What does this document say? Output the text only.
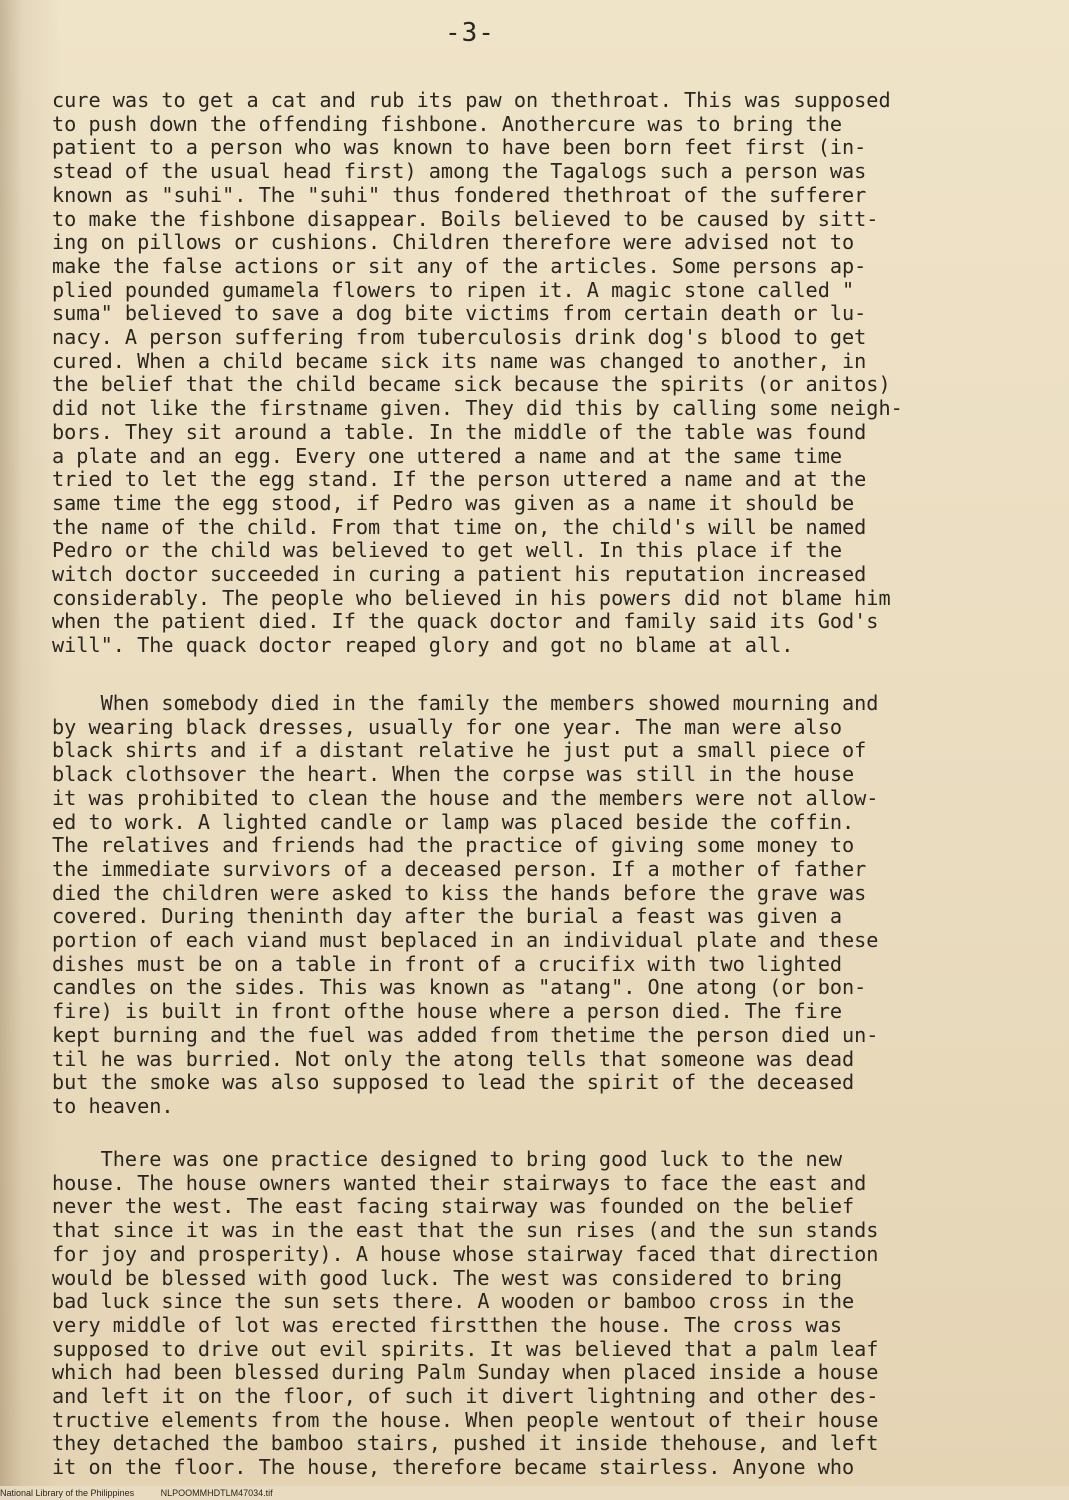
-3-
cure was to get a cat and rub its paw on thethroat. This was supposed
to push down the offending fishbone. Anothercure was to bring the
patient to a person who was known to have been born feet first (in-
stead of the usual head first) among the Tagalogs such a person was
known as "suhi". The "suhi" thus fondered thethroat of the sufferer
to make the fishbone disappear. Boils believed to be caused by sitt-
ing on pillows or cushions. Children therefore were advised not to
make the false actions or sit any of the articles. Some persons ap-
plied pounded gumamela flowers to ripen it. A magic stone called "
suma" believed to save a dog bite victims from certain death or lu-
nacy. A person suffering from tuberculosis drink dog's blood to get
cured. When a child became sick its name was changed to another, in
the belief that the child became sick because the spirits (or anitos)
did not like the firstname given. They did this by calling some neigh-
bors. They sit around a table. In the middle of the table was found
a plate and an egg. Every one uttered a name and at the same time
tried to let the egg stand. If the person uttered a name and at the
same time the egg stood, if Pedro was given as a name it should be
the name of the child. From that time on, the child's will be named
Pedro or the child was believed to get well. In this place if the
witch doctor succeeded in curing a patient his reputation increased
considerably. The people who believed in his powers did not blame him
when the patient died. If the quack doctor and family said its God's
will". The quack doctor reaped glory and got no blame at all.
When somebody died in the family the members showed mourning and
by wearing black dresses, usually for one year. The man were also
black shirts and if a distant relative he just put a small piece of
black clothsover the heart. When the corpse was still in the house
it was prohibited to clean the house and the members were not allow-
ed to work. A lighted candle or lamp was placed beside the coffin.
The relatives and friends had the practice of giving some money to
the immediate survivors of a deceased person. If a mother of father
died the children were asked to kiss the hands before the grave was
covered. During theninth day after the burial a feast was given a
portion of each viand must beplaced in an individual plate and these
dishes must be on a table in front of a crucifix with two lighted
candles on the sides. This was known as "atang". One atong (or bon-
fire) is built in front ofthe house where a person died. The fire
kept burning and the fuel was added from thetime the person died un-
til he was burried. Not only the atong tells that someone was dead
but the smoke was also supposed to lead the spirit of the deceased
to heaven.
There was one practice designed to bring good luck to the new
house. The house owners wanted their stairways to face the east and
never the west. The east facing stairway was founded on the belief
that since it was in the east that the sun rises (and the sun stands
for joy and prosperity). A house whose stairway faced that direction
would be blessed with good luck. The west was considered to bring
bad luck since the sun sets there. A wooden or bamboo cross in the
very middle of lot was erected firstthen the house. The cross was
supposed to drive out evil spirits. It was believed that a palm leaf
which had been blessed during Palm Sunday when placed inside a house
and left it on the floor, of such it divert lightning and other des-
tructive elements from the house. When people wentout of their house
they detached the bamboo stairs, pushed it inside thehouse, and left
it on the floor. The house, therefore became stairless. Anyone who
National Library of the Philippines	NLPOOMMHDTLM47034.tif
